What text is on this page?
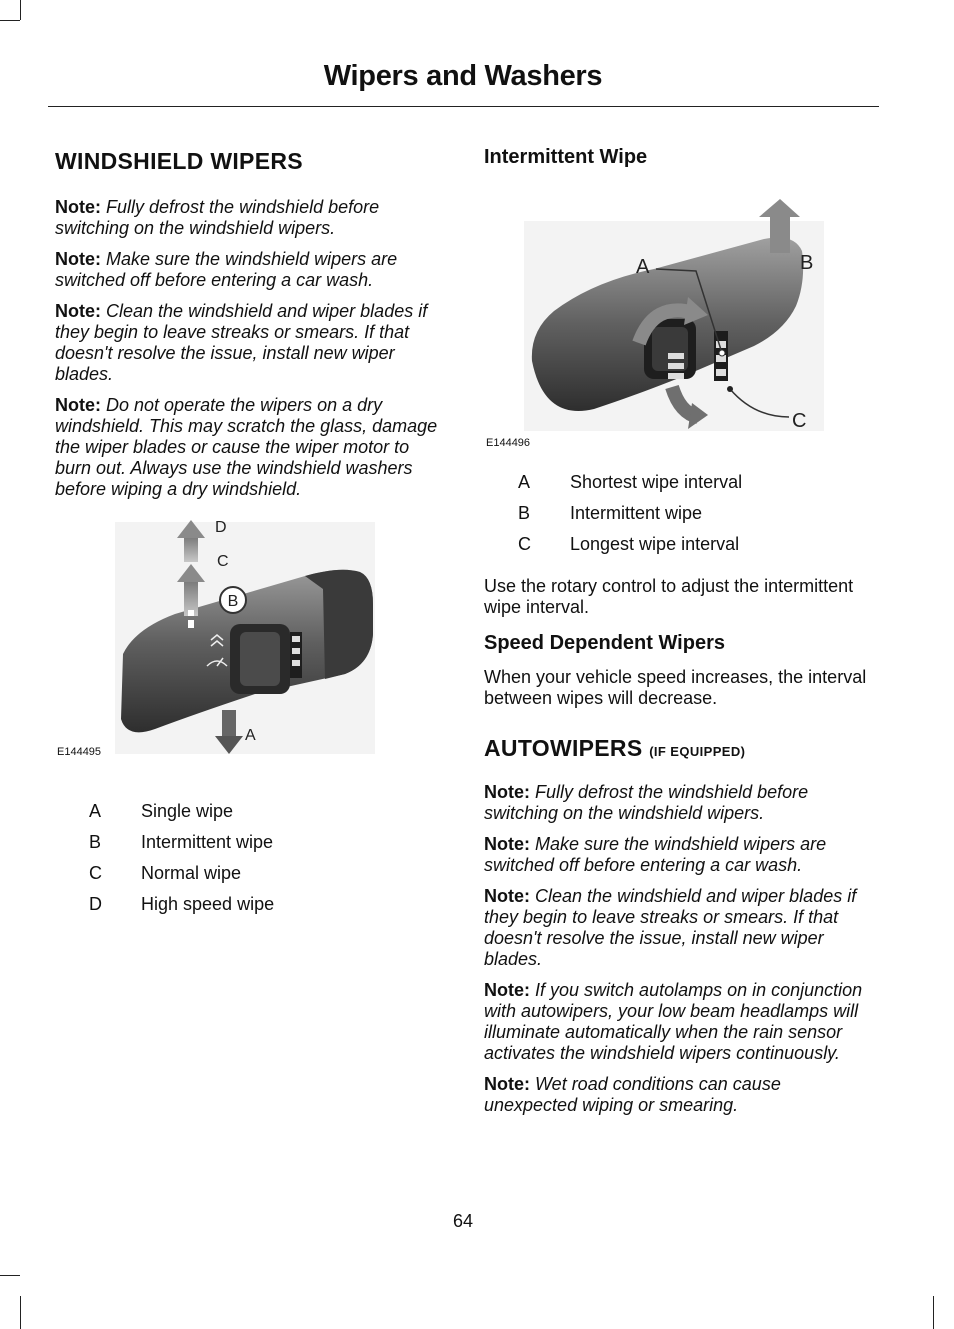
Wipers and Washers
WINDSHIELD WIPERS

Note: Fully defrost the windshield before switching on the windshield wipers.

Note: Make sure the windshield wipers are switched off before entering a car wash.

Note: Clean the windshield and wiper blades if they begin to leave streaks or smears. If that doesn't resolve the issue, install new wiper blades.

Note: Do not operate the wipers on a dry windshield. This may scratch the glass, damage the wiper blades or cause the wiper motor to burn out. Always use the windshield washers before wiping a dry windshield.

B
D
C
A
E144495
A	Single wipe
B	Intermittent wipe
C	Normal wipe
D	High speed wipe
Intermittent Wipe
A	B
C
E144496
A	Shortest wipe interval
B	Intermittent wipe
C	Longest wipe interval

Use the rotary control to adjust the intermittent wipe interval.

Speed Dependent Wipers

When your vehicle speed increases, the interval between wipes will decrease.

AUTOWIPERS (IF EQUIPPED)

Note: Fully defrost the windshield before switching on the windshield wipers.

Note: Make sure the windshield wipers are switched off before entering a car wash.

Note: Clean the windshield and wiper blades if they begin to leave streaks or smears. If that doesn't resolve the issue, install new wiper blades.

Note: If you switch autolamps on in conjunction with autowipers, your low beam headlamps will illuminate automatically when the rain sensor activates the windshield wipers continuously.

Note: Wet road conditions can cause unexpected wiping or smearing.

64
